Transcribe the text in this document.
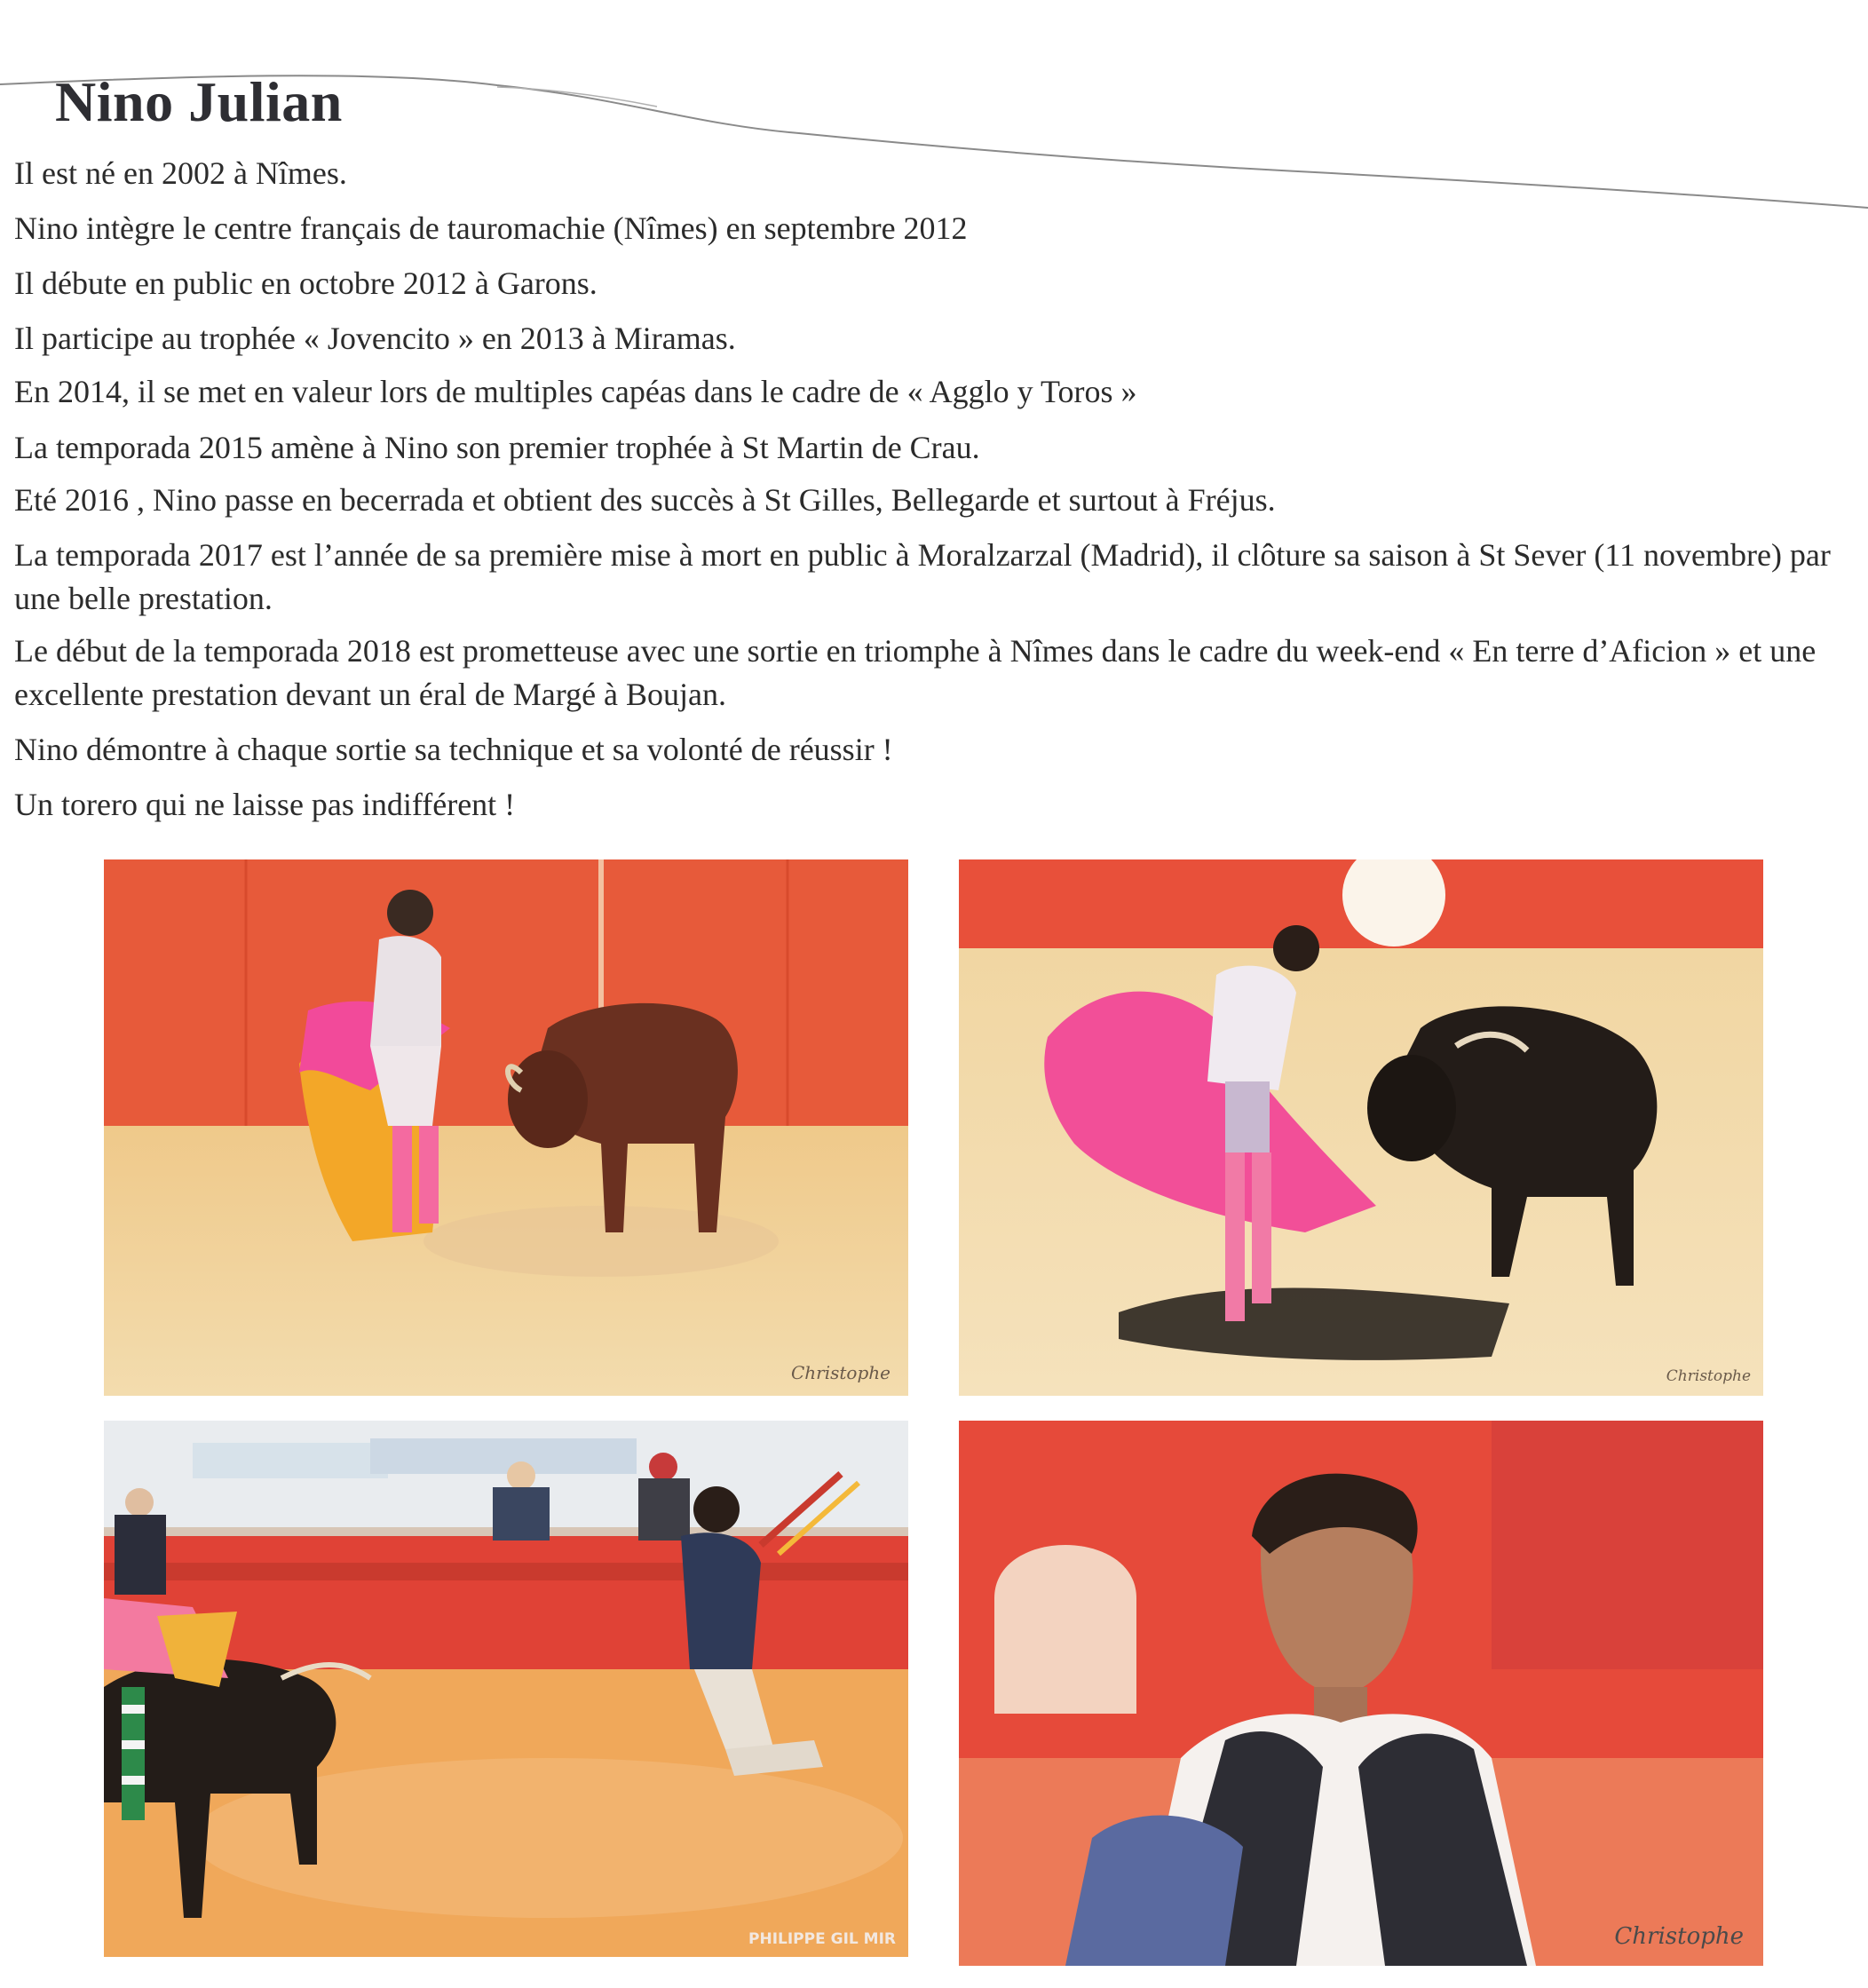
Nino Julian

Il est né en 2002 à Nîmes.

Nino intègre le centre français de tauromachie (Nîmes) en septembre 2012

Il débute en public en octobre 2012 à Garons.

Il participe au trophée « Jovencito » en 2013 à Miramas.

En 2014, il se met en valeur lors de multiples capéas dans le cadre de « Agglo y Toros »

La temporada 2015 amène à Nino son premier trophée à St Martin de Crau.

Eté 2016 , Nino passe en becerrada et obtient des succès à St Gilles, Bellegarde et surtout à Fréjus.

La temporada 2017 est l’année de sa première mise à mort en public à Moralzarzal (Madrid), il clôture sa saison à St Sever (11 novembre) par une belle prestation.

Le début de la temporada 2018 est prometteuse avec une sortie en triomphe à Nîmes dans le cadre du week-end « En terre d’Aficion » et une excellente prestation devant un éral de Margé à Boujan.

Nino démontre à chaque sortie sa technique et sa volonté de réussir !

Un torero qui ne laisse pas indifférent !

Christophe	Christophe
PHILIPPE GIL MIR	Christophe
